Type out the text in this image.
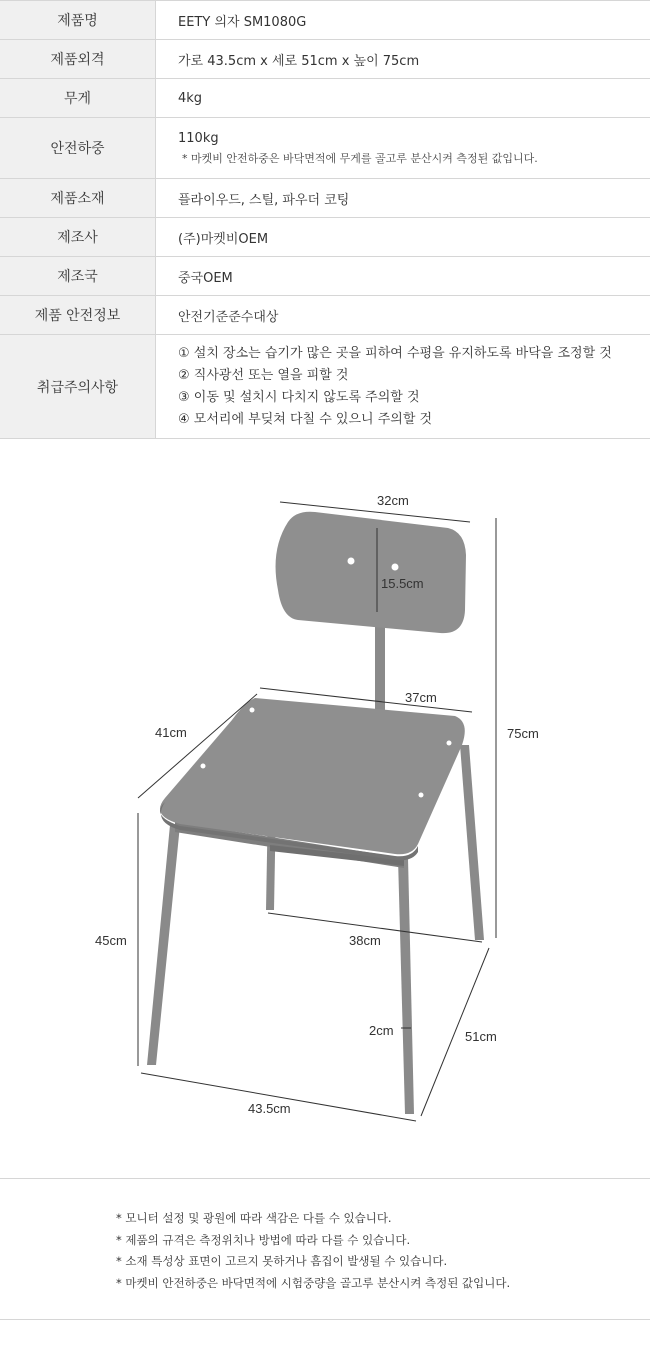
제품명	EETY 의자 SM1080G
제품외격	가로 43.5cm x 세로 51cm x 높이 75cm
무게	4kg
안전하중	110kg
* 마켓비 안전하중은 바닥면적에 무게를 골고루 분산시켜 측정된 값입니다.

제품소재	플라이우드, 스틸, 파우더 코팅
제조사	(주)마켓비OEM
제조국	중국OEM
제품 안전정보	안전기준준수대상
취급주의사항	① 설치 장소는 습기가 많은 곳을 피하여 수평을 유지하도록 바닥을 조정할 것
② 직사광선 또는 열을 피할 것
③ 이동 및 설치시 다치지 않도록 주의할 것
④ 모서리에 부딪쳐 다칠 수 있으니 주의할 것
32cm
15.5cm
37cm
41cm	75cm
45cm	38cm
2cm	51cm
43.5cm
* 모니터 설정 및 광원에 따라 색감은 다를 수 있습니다.
* 제품의 규격은 측정위치나 방법에 따라 다를 수 있습니다.
* 소재 특성상 표면이 고르지 못하거나 흠집이 발생될 수 있습니다.
* 마켓비 안전하중은 바닥면적에 시험중량을 골고루 분산시켜 측정된 값입니다.
